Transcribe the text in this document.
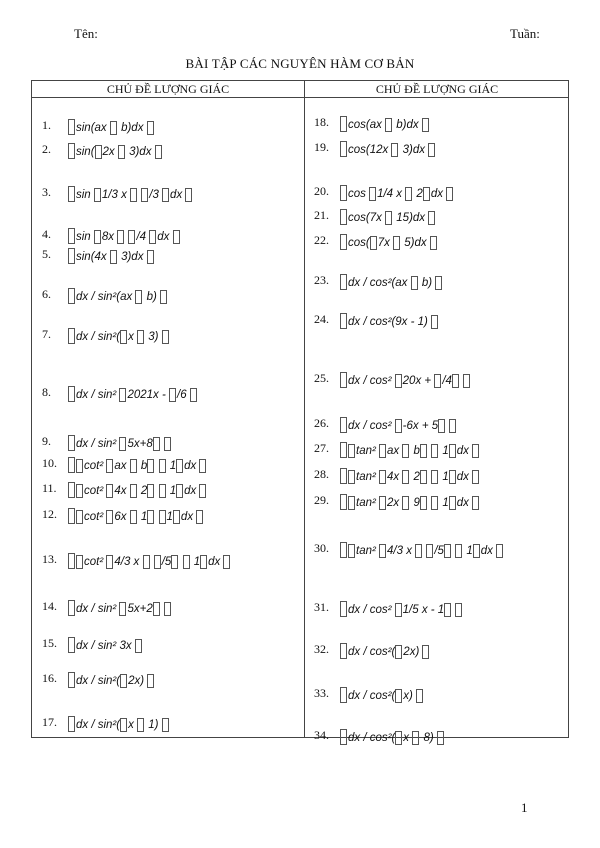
Tên:	Tuần:
BÀI TẬP CÁC NGUYÊN HÀM CƠ BẢN
CHỦ ĐỀ LƯỢNG GIÁC	CHỦ ĐỀ LƯỢNG GIÁC
1. sin(ax  b)dx
2. sin( 2x  3)dx
3. sin 1/3 x  /3 dx
4. sin 8x  /4 dx
5. sin(4x  3)dx
6. dx / sin²(ax  b)
7. dx / sin²( x  3)
8. dx / sin² 2021x - /6
9. dx / sin² 5x+8
10.	cot² ax  b  1 dx
11.	cot² 4x  2  1 dx
12.	cot² 6x  1 1 dx
13.	cot² 4/3 x  /5  1 dx
14. dx / sin² 5x+2
15. dx / sin² 3x
16. dx / sin²( 2x)
17. dx / sin²( x  1)
18. cos(ax  b)dx
19. cos(12x  3)dx
20. cos 1/4 x  2 dx
21. cos(7x  15)dx
22. cos( 7x  5)dx
23. dx / cos²(ax  b)
24. dx / cos²(9x - 1)
25. dx / cos² 20x + /4
26. dx / cos² -6x + 5
27.	tan² ax  b  1 dx
28.	tan² 4x  2  1 dx
29.	tan² 2x  9  1 dx
30.	tan² 4/3 x  /5  1 dx
31. dx / cos² 1/5 x - 1
32. dx / cos²( 2x)
33. dx / cos²( x)
34. dx / cos²( x  8)
1
